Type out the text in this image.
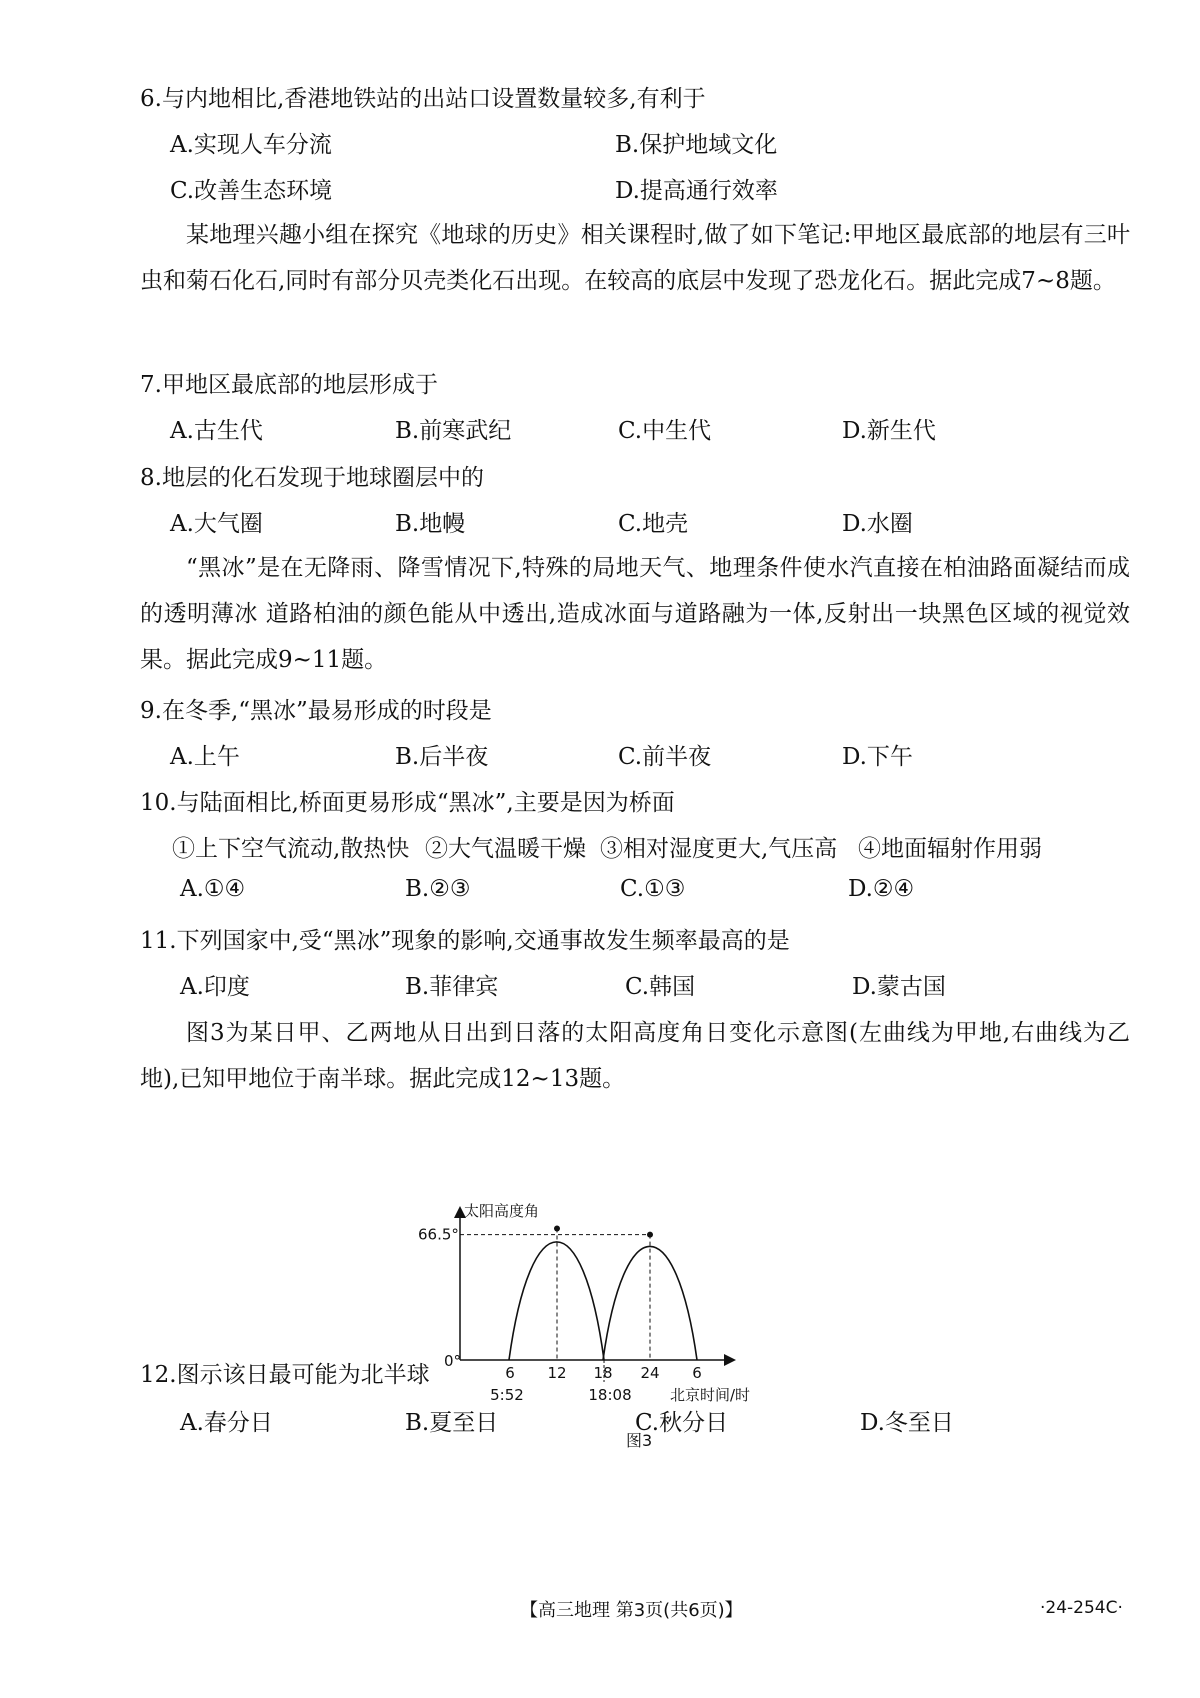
6.与内地相比,香港地铁站的出站口设置数量较多,有利于
A.实现人车分流	B.保护地域文化
C.改善生态环境	D.提高通行效率
某地理兴趣小组在探究《地球的历史》相关课程时,做了如下笔记:甲地区最底部的地层有三叶虫和菊石化石,同时有部分贝壳类化石出现。在较高的底层中发现了恐龙化石。据此完成7~8题。
7.甲地区最底部的地层形成于
A.古生代	B.前寒武纪	C.中生代	D.新生代
8.地层的化石发现于地球圈层中的
A.大气圈	B.地幔	C.地壳	D.水圈
“黑冰”是在无降雨、降雪情况下,特殊的局地天气、地理条件使水汽直接在柏油路面凝结而成的透明薄冰 道路柏油的颜色能从中透出,造成冰面与道路融为一体,反射出一块黑色区域的视觉效果。据此完成9~11题。
9.在冬季,“黑冰”最易形成的时段是
A.上午	B.后半夜	C.前半夜	D.下午
10.与陆面相比,桥面更易形成“黑冰”,主要是因为桥面
①上下空气流动,散热快 ②大气温暖干燥 ③相对湿度更大,气压高 ④地面辐射作用弱
A.①④	B.②③	C.①③	D.②④
11.下列国家中,受“黑冰”现象的影响,交通事故发生频率最高的是
A.印度	B.菲律宾	C.韩国	D.蒙古国
图3为某日甲、乙两地从日出到日落的太阳高度角日变化示意图(左曲线为甲地,右曲线为乙地),已知甲地位于南半球。据此完成12~13题。
太阳高度角
66.5°
0°
6 12 18 24 6
5:52	18:08	北京时间/时
图3
12.图示该日最可能为北半球
A.春分日	B.夏至日	C.秋分日	D.冬至日
【高三地理 第3页(共6页)】	·24-254C·
